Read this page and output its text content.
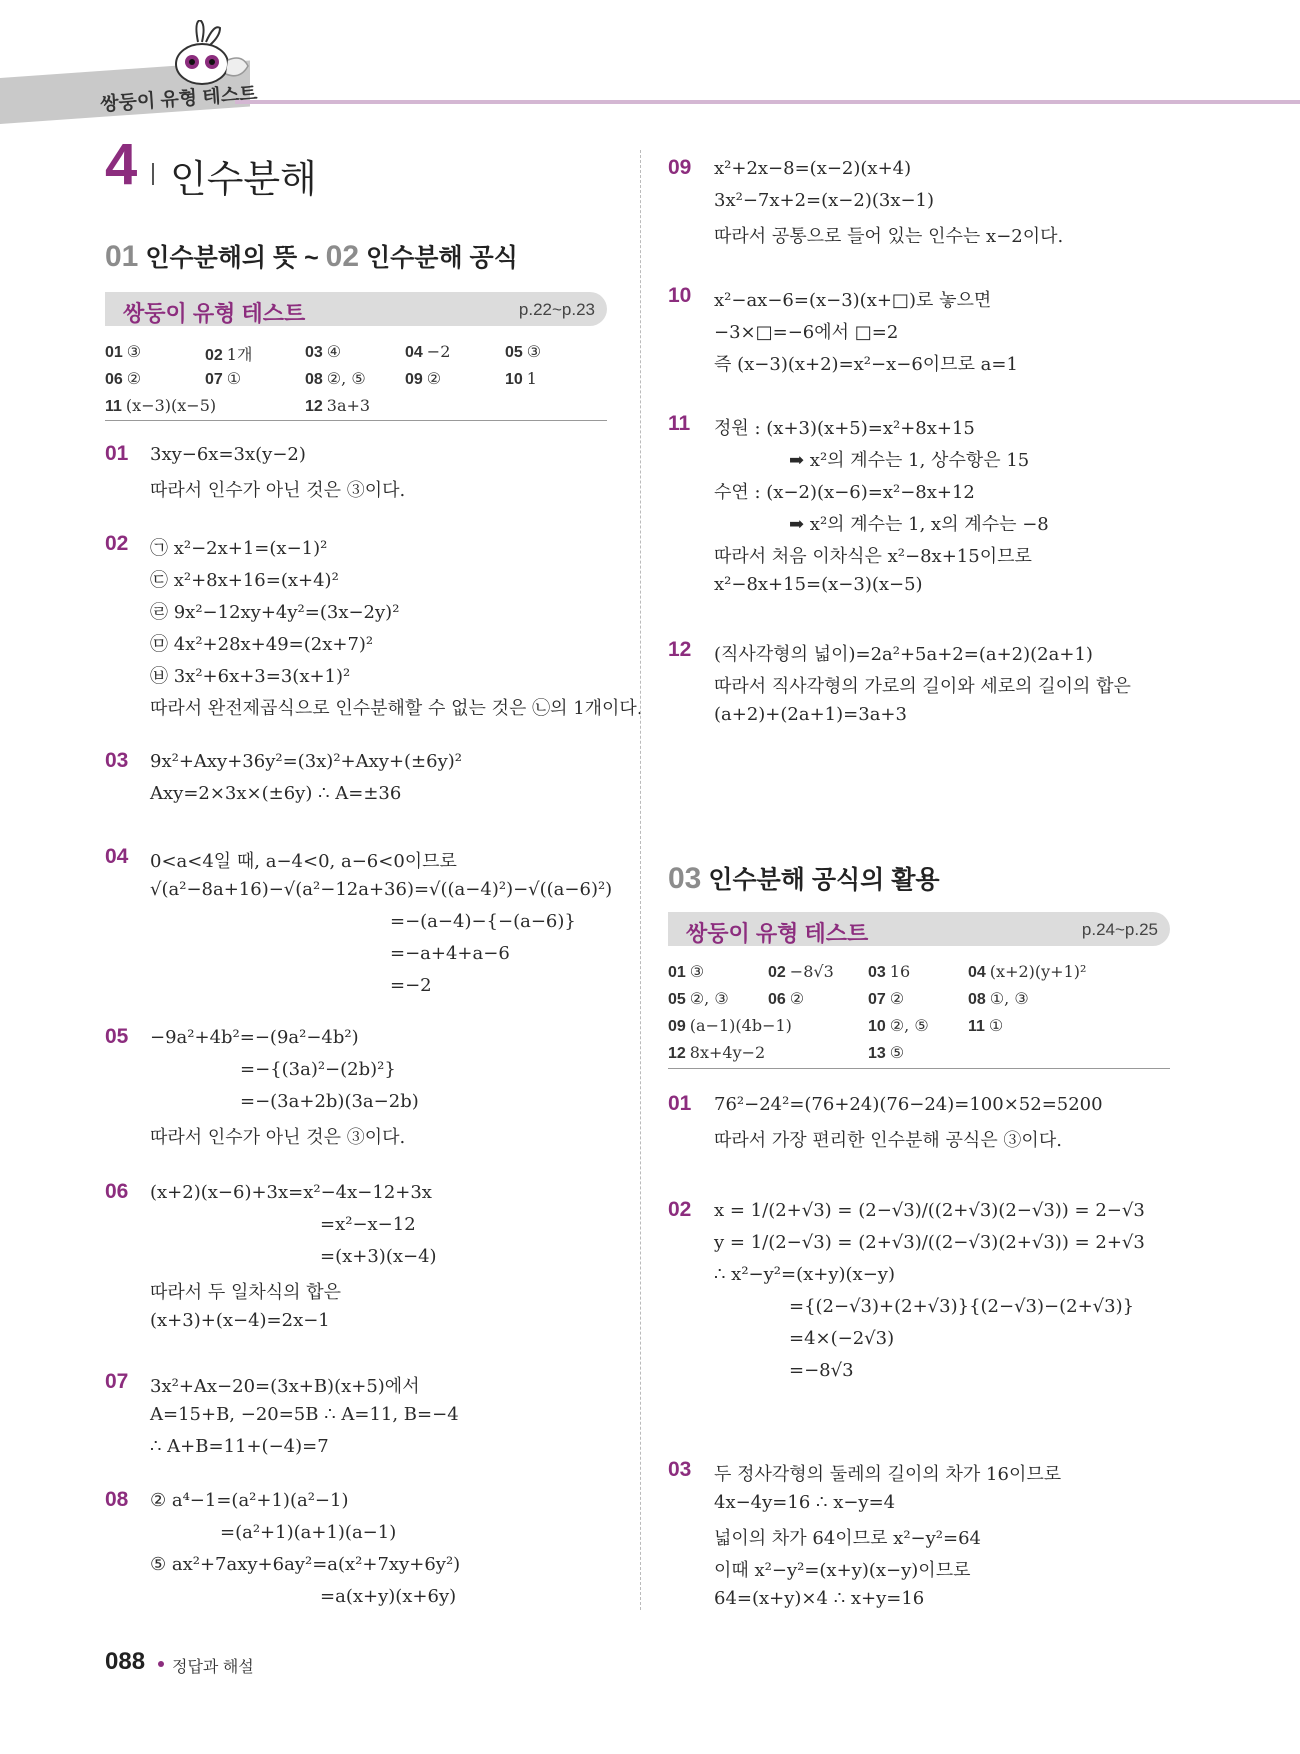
쌍둥이 유형 테스트
4 인수분해
01 인수분해의 뜻 ~ 02 인수분해 공식
쌍둥이 유형 테스트	p.22~p.23
01 ③	02 1개	03 ④	04 −2	05 ③
06 ②	07 ①	08 ②, ⑤ 09 ②	10 1
11 (x−3)(x−5)	12 3a+3
01 3xy−6x=3x(y−2)
따라서 인수가 아닌 것은 ③이다.
02 ㉠ x²−2x+1=(x−1)²
㉢ x²+8x+16=(x+4)²
㉣ 9x²−12xy+4y²=(3x−2y)²
㉤ 4x²+28x+49=(2x+7)²
㉥ 3x²+6x+3=3(x+1)²
따라서 완전제곱식으로 인수분해할 수 없는 것은 ㉡의 1개이다.
03 9x²+Axy+36y²=(3x)²+Axy+(±6y)²
Axy=2×3x×(±6y) ∴ A=±36
04 0<a<4일 때, a−4<0, a−6<0이므로
√(a²−8a+16)−√(a²−12a+36)=√((a−4)²)−√((a−6)²)
=−(a−4)−{−(a−6)}
=−a+4+a−6
=−2
05 −9a²+4b²=−(9a²−4b²)
=−{(3a)²−(2b)²}
=−(3a+2b)(3a−2b)
따라서 인수가 아닌 것은 ③이다.
06 (x+2)(x−6)+3x=x²−4x−12+3x
=x²−x−12
=(x+3)(x−4)
따라서 두 일차식의 합은
(x+3)+(x−4)=2x−1
07 3x²+Ax−20=(3x+B)(x+5)에서
A=15+B, −20=5B ∴ A=11, B=−4
∴ A+B=11+(−4)=7
08 ② a⁴−1=(a²+1)(a²−1)
=(a²+1)(a+1)(a−1)
⑤ ax²+7axy+6ay²=a(x²+7xy+6y²)
=a(x+y)(x+6y)
09 x²+2x−8=(x−2)(x+4)
3x²−7x+2=(x−2)(3x−1)
따라서 공통으로 들어 있는 인수는 x−2이다.
10 x²−ax−6=(x−3)(x+□)로 놓으면
−3×□=−6에서 □=2
즉 (x−3)(x+2)=x²−x−6이므로 a=1
11 정원 : (x+3)(x+5)=x²+8x+15
➡ x²의 계수는 1, 상수항은 15
수연 : (x−2)(x−6)=x²−8x+12
➡ x²의 계수는 1, x의 계수는 −8
따라서 처음 이차식은 x²−8x+15이므로
x²−8x+15=(x−3)(x−5)
12 (직사각형의 넓이)=2a²+5a+2=(a+2)(2a+1)
따라서 직사각형의 가로의 길이와 세로의 길이의 합은
(a+2)+(2a+1)=3a+3
03 인수분해 공식의 활용
쌍둥이 유형 테스트	p.24~p.25
01 ③	02 −8√3 03 16	04 (x+2)(y+1)²
05 ②, ③ 06 ②	07 ②	08 ①, ③
09 (a−1)(4b−1)	10 ②, ⑤ 11 ①
12 8x+4y−2	13 ⑤
01 76²−24²=(76+24)(76−24)=100×52=5200
따라서 가장 편리한 인수분해 공식은 ③이다.
02 x = 1/(2+√3) = (2−√3)/((2+√3)(2−√3)) = 2−√3
y = 1/(2−√3) = (2+√3)/((2−√3)(2+√3)) = 2+√3
∴ x²−y²=(x+y)(x−y)
={(2−√3)+(2+√3)}{(2−√3)−(2+√3)}
=4×(−2√3)
=−8√3
03 두 정사각형의 둘레의 길이의 차가 16이므로
4x−4y=16 ∴ x−y=4
넓이의 차가 64이므로 x²−y²=64
이때 x²−y²=(x+y)(x−y)이므로
64=(x+y)×4 ∴ x+y=16
088 정답과 해설
